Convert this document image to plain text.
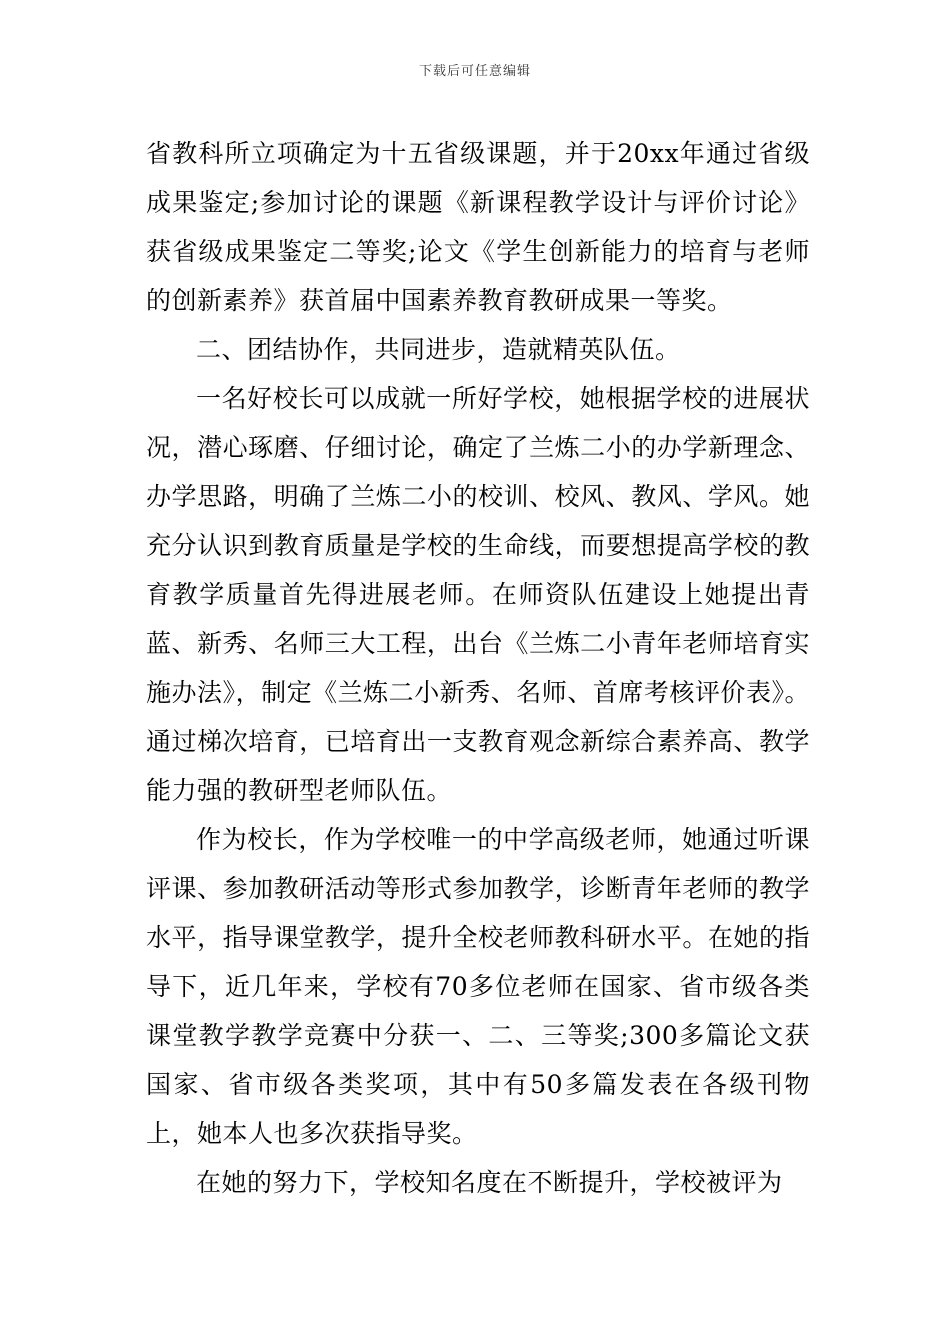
下载后可任意编辑

省教科所立项确定为十五省级课题，并于20xx年通过省级成果鉴定;参加讨论的课题《新课程教学设计与评价讨论》获省级成果鉴定二等奖;论文《学生创新能力的培育与老师的创新素养》获首届中国素养教育教研成果一等奖。

二、团结协作，共同进步，造就精英队伍。

一名好校长可以成就一所好学校，她根据学校的进展状况，潜心琢磨、仔细讨论，确定了兰炼二小的办学新理念、办学思路，明确了兰炼二小的校训、校风、教风、学风。她充分认识到教育质量是学校的生命线，而要想提高学校的教育教学质量首先得进展老师。在师资队伍建设上她提出青蓝、新秀、名师三大工程，出台《兰炼二小青年老师培育实施办法》，制定《兰炼二小新秀、名师、首席考核评价表》。通过梯次培育，已培育出一支教育观念新综合素养高、教学能力强的教研型老师队伍。

作为校长，作为学校唯一的中学高级老师，她通过听课评课、参加教研活动等形式参加教学，诊断青年老师的教学水平，指导课堂教学，提升全校老师教科研水平。在她的指导下，近几年来，学校有70多位老师在国家、省市级各类课堂教学教学竞赛中分获一、二、三等奖;300多篇论文获国家、省市级各类奖项，其中有50多篇发表在各级刊物上，她本人也多次获指导奖。

在她的努力下，学校知名度在不断提升，学校被评为
